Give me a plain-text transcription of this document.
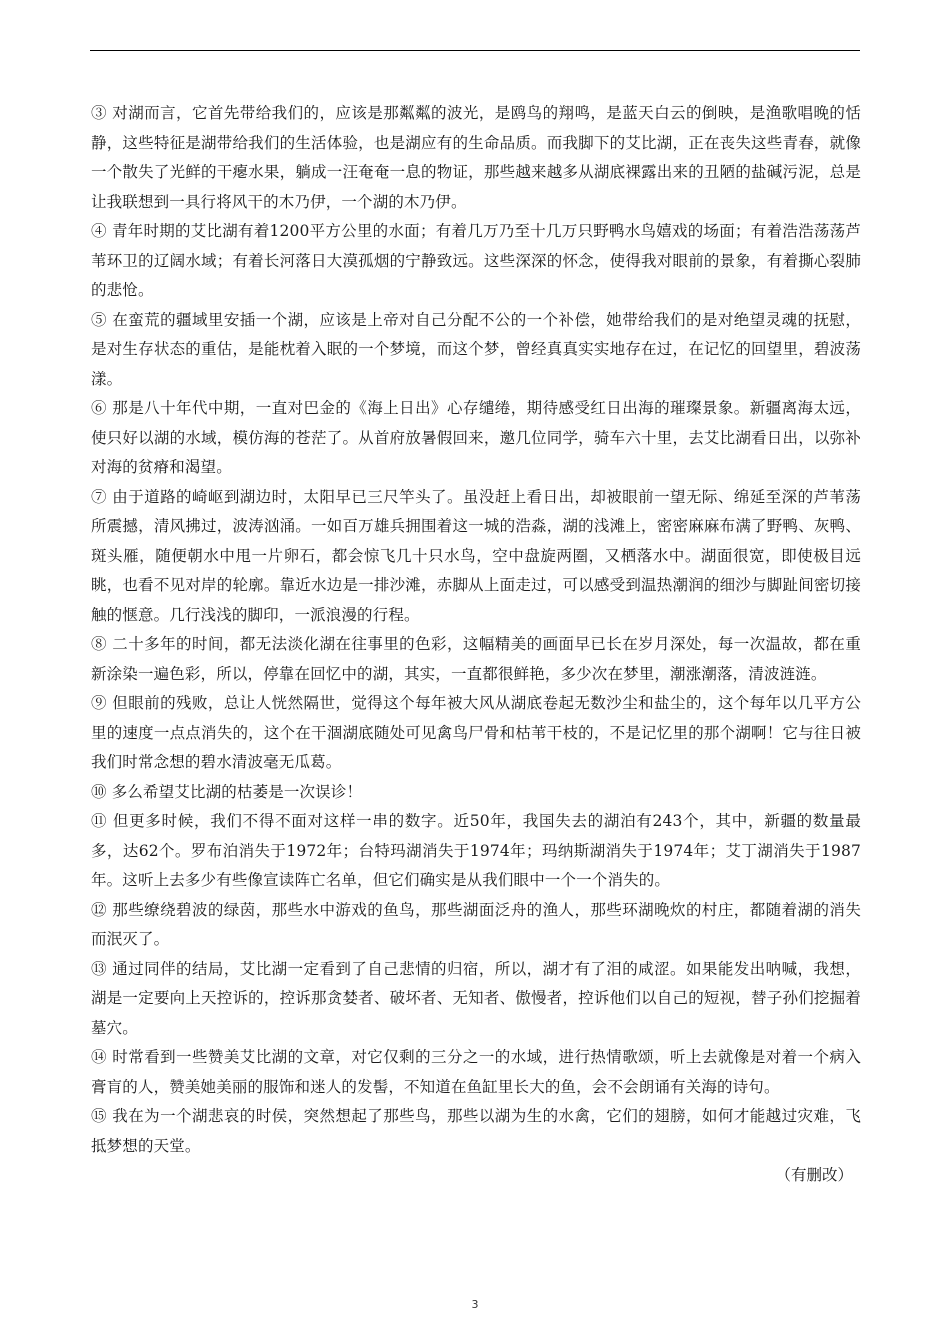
③ 对湖而言，它首先带给我们的，应该是那粼粼的波光，是鸥鸟的翔鸣，是蓝天白云的倒映，是渔歌唱晚的恬静，这些特征是湖带给我们的生活体验，也是湖应有的生命品质。而我脚下的艾比湖，正在丧失这些青春，就像一个散失了光鲜的干瘪水果，躺成一汪奄奄一息的物证，那些越来越多从湖底裸露出来的丑陋的盐碱污泥，总是让我联想到一具行将风干的木乃伊，一个湖的木乃伊。

④ 青年时期的艾比湖有着1200平方公里的水面；有着几万乃至十几万只野鸭水鸟嬉戏的场面；有着浩浩荡荡芦苇环卫的辽阔水域；有着长河落日大漠孤烟的宁静致远。这些深深的怀念，使得我对眼前的景象，有着撕心裂肺的悲怆。

⑤ 在蛮荒的疆域里安插一个湖，应该是上帝对自己分配不公的一个补偿，她带给我们的是对绝望灵魂的抚慰，是对生存状态的重估，是能枕着入眠的一个梦境，而这个梦，曾经真真实实地存在过，在记忆的回望里，碧波荡漾。

⑥ 那是八十年代中期，一直对巴金的《海上日出》心存缱绻，期待感受红日出海的璀璨景象。新疆离海太远，使只好以湖的水域，模仿海的苍茫了。从首府放暑假回来，邀几位同学，骑车六十里，去艾比湖看日出，以弥补对海的贫瘠和渴望。

⑦ 由于道路的崎岖到湖边时，太阳早已三尺竿头了。虽没赶上看日出，却被眼前一望无际、绵延至深的芦苇荡所震撼，清风拂过，波涛汹涌。一如百万雄兵拥围着这一城的浩淼，湖的浅滩上，密密麻麻布满了野鸭、灰鸭、斑头雁，随便朝水中甩一片卵石，都会惊飞几十只水鸟，空中盘旋两圈，又栖落水中。湖面很宽，即使极目远眺，也看不见对岸的轮廓。靠近水边是一排沙滩，赤脚从上面走过，可以感受到温热潮润的细沙与脚趾间密切接触的惬意。几行浅浅的脚印，一派浪漫的行程。

⑧ 二十多年的时间，都无法淡化湖在往事里的色彩，这幅精美的画面早已长在岁月深处，每一次温故，都在重新涂染一遍色彩，所以，停靠在回忆中的湖，其实，一直都很鲜艳，多少次在梦里，潮涨潮落，清波涟涟。

⑨ 但眼前的残败，总让人恍然隔世，觉得这个每年被大风从湖底卷起无数沙尘和盐尘的，这个每年以几平方公里的速度一点点消失的，这个在干涸湖底随处可见禽鸟尸骨和枯苇干枝的，不是记忆里的那个湖啊！它与往日被我们时常念想的碧水清波毫无瓜葛。

⑩ 多么希望艾比湖的枯萎是一次误诊！

⑪ 但更多时候，我们不得不面对这样一串的数字。近50年，我国失去的湖泊有243个，其中，新疆的数量最多，达62个。罗布泊消失于1972年；台特玛湖消失于1974年；玛纳斯湖消失于1974年；艾丁湖消失于1987年。这听上去多少有些像宣读阵亡名单，但它们确实是从我们眼中一个一个消失的。

⑫ 那些缭绕碧波的绿茵，那些水中游戏的鱼鸟，那些湖面泛舟的渔人，那些环湖晚炊的村庄，都随着湖的消失而泯灭了。

⑬ 通过同伴的结局，艾比湖一定看到了自己悲情的归宿，所以，湖才有了泪的咸涩。如果能发出呐喊，我想，湖是一定要向上天控诉的，控诉那贪婪者、破坏者、无知者、傲慢者，控诉他们以自己的短视，替子孙们挖掘着墓穴。

⑭ 时常看到一些赞美艾比湖的文章，对它仅剩的三分之一的水域，进行热情歌颂，听上去就像是对着一个病入膏肓的人，赞美她美丽的服饰和迷人的发髻，不知道在鱼缸里长大的鱼，会不会朗诵有关海的诗句。

⑮ 我在为一个湖悲哀的时侯，突然想起了那些鸟，那些以湖为生的水禽，它们的翅膀，如何才能越过灾难，飞抵梦想的天堂。

（有删改）

3
